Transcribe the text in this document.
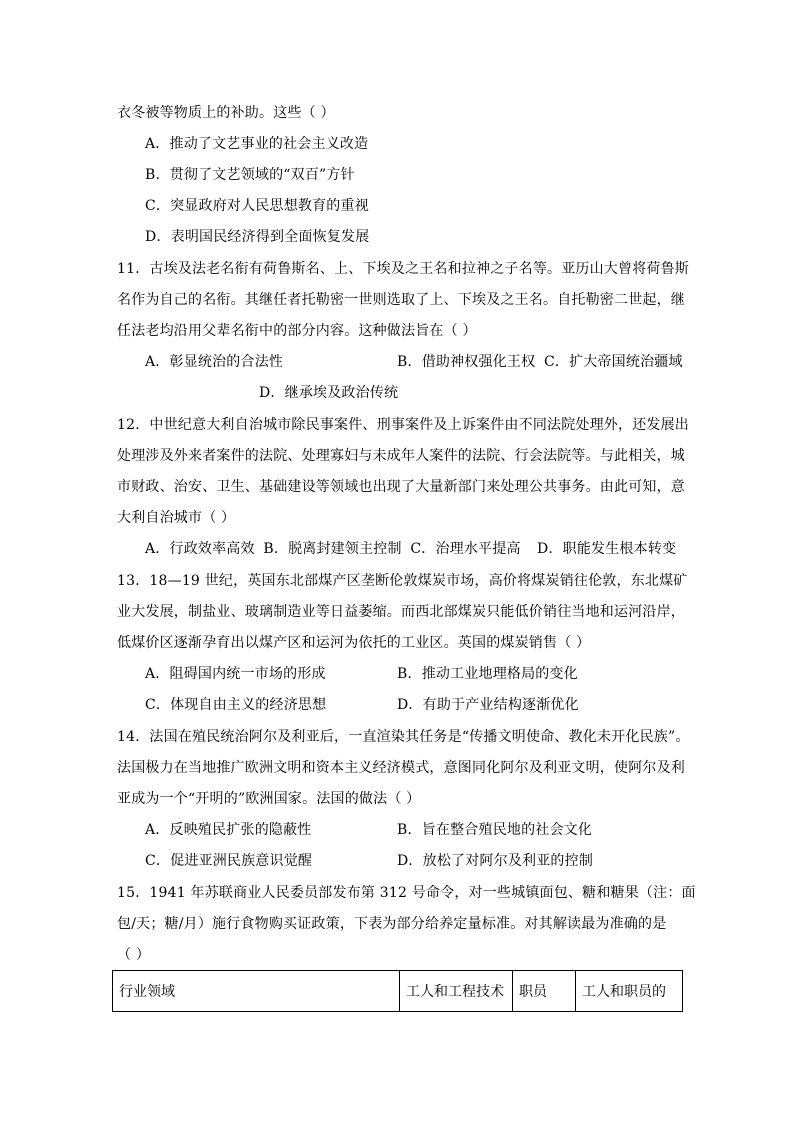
衣冬被等物质上的补助。这些（ ）
A．推动了文艺事业的社会主义改造
B．贯彻了文艺领域的“双百”方针
C．突显政府对人民思想教育的重视
D．表明国民经济得到全面恢复发展
11．古埃及法老名衔有荷鲁斯名、上、下埃及之王名和拉神之子名等。亚历山大曾将荷鲁斯
名作为自己的名衔。其继任者托勒密一世则选取了上、下埃及之王名。自托勒密二世起，继
任法老均沿用父辈名衔中的部分内容。这种做法旨在（ ）
A．彰显统治的合法性	B．借助神权强化王权 C．扩大帝国统治疆域
D．继承埃及政治传统
12．中世纪意大利自治城市除民事案件、刑事案件及上诉案件由不同法院处理外，还发展出
处理涉及外来者案件的法院、处理寡妇与未成年人案件的法院、行会法院等。与此相关，城
市财政、治安、卫生、基础建设等领域也出现了大量新部门来处理公共事务。由此可知，意
大利自治城市（ ）
A．行政效率高效 B．脱离封建领主控制 C．治理水平提高 D．职能发生根本转变
13．18—19 世纪，英国东北部煤产区垄断伦敦煤炭市场，高价将煤炭销往伦敦，东北煤矿
业大发展，制盐业、玻璃制造业等日益萎缩。而西北部煤炭只能低价销往当地和运河沿岸，
低煤价区逐渐孕育出以煤产区和运河为依托的工业区。英国的煤炭销售（ ）
A．阻碍国内统一市场的形成	B．推动工业地理格局的变化
C．体现自由主义的经济思想	D．有助于产业结构逐渐优化
14．法国在殖民统治阿尔及利亚后，一直渲染其任务是“传播文明使命、教化未开化民族”。
法国极力在当地推广欧洲文明和资本主义经济模式，意图同化阿尔及利亚文明，使阿尔及利
亚成为一个“开明的”欧洲国家。法国的做法（ ）
A．反映殖民扩张的隐蔽性	B．旨在整合殖民地的社会文化
C．促进亚洲民族意识觉醒	D．放松了对阿尔及利亚的控制
15．1941 年苏联商业人民委员部发布第 312 号命令，对一些城镇面包、糖和糖果（注：面
包/天；糖/月）施行食物购买证政策，下表为部分给养定量标准。对其解读最为准确的是
（ ）
行业领域	工人和工程技术	职员	工人和职员的
